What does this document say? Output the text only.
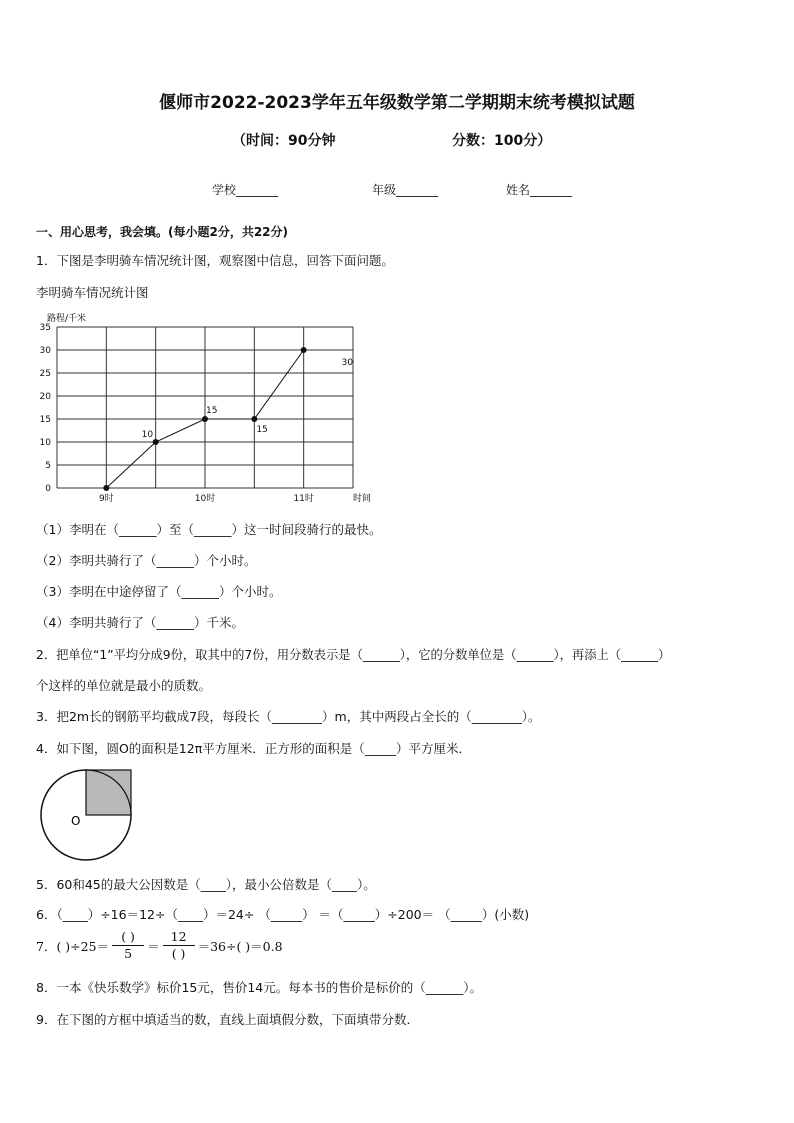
偃师市2022-2023学年五年级数学第二学期期末统考模拟试题
（时间：90分钟	分数：100分）
学校_______	年级_______	姓名_______
一、用心思考，我会填。(每小题2分，共22分)
1．下图是李明骑车情况统计图，观察图中信息，回答下面问题。
李明骑车情况统计图
0
5
10
15
20
25
30
35
9时	10时	11时
10
15
15
30
路程/千米
时间
（1）李明在（______）至（______）这一时间段骑行的最快。
（2）李明共骑行了（______）个小时。
（3）李明在中途停留了（______）个小时。
（4）李明共骑行了（______）千米。
2．把单位“1”平均分成9份，取其中的7份，用分数表示是（______），它的分数单位是（______），再添上（______）
个这样的单位就是最小的质数。
3．把2m长的钢筋平均截成7段，每段长（________）m，其中两段占全长的（________）。
4．如下图，圆O的面积是12π平方厘米．正方形的面积是（_____）平方厘米．
O
5．60和45的最大公因数是（____），最小公倍数是（____）。
6．（____）÷16＝12÷（____）＝24÷ （_____） ＝（_____）÷200＝ （_____）(小数)
7．( )$\div 25= \frac{( )}{5} = \frac{12}{( )} =36\div$( )＝0.8
8．一本《快乐数学》标价15元，售价14元。每本书的售价是标价的（______）。
9．在下图的方框中填适当的数，直线上面填假分数，下面填带分数．
